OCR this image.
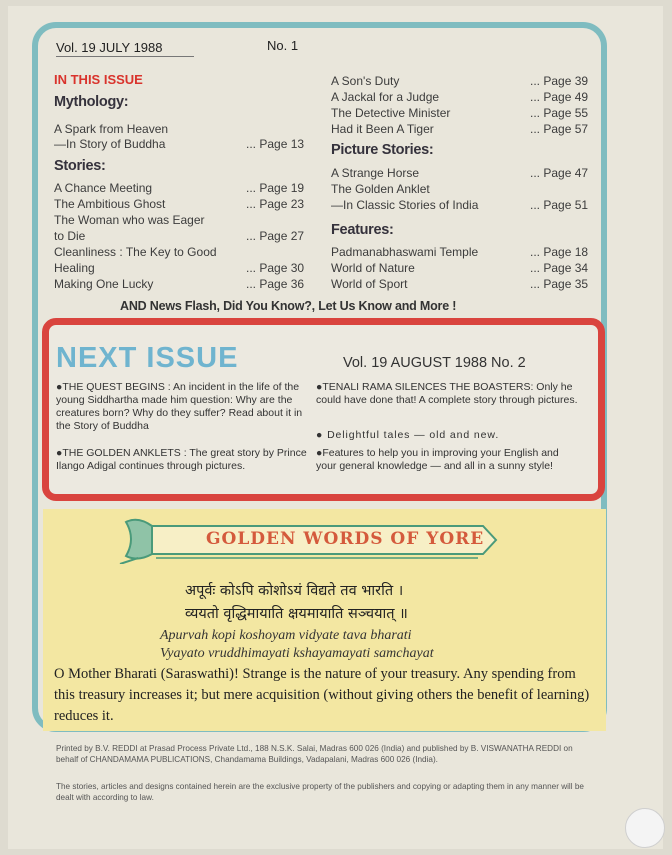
Vol. 19 JULY 1988	No. 1
IN THIS ISSUE
Mythology:
A Spark from Heaven
—In Story of Buddha	... Page 13
Stories:
A Chance Meeting	... Page 19
The Ambitious Ghost	... Page 23
The Woman who was Eager
to Die	... Page 27
Cleanliness : The Key to Good
Healing	... Page 30
Making One Lucky	... Page 36
A Son's Duty	... Page 39
A Jackal for a Judge	... Page 49
The Detective Minister	... Page 55
Had it Been A Tiger	... Page 57
Picture Stories:
A Strange Horse	... Page 47
The Golden Anklet
—In Classic Stories of India	... Page 51
Features:
Padmanabhaswami Temple	... Page 18
World of Nature	... Page 34
World of Sport	... Page 35
AND News Flash, Did You Know?, Let Us Know and More !
NEXT ISSUE	Vol. 19 AUGUST 1988 No. 2
●THE QUEST BEGINS : An incident in the life of the young Siddhartha made him question: Why are the creatures born? Why do they suffer? Read about it in the Story of Buddha
●THE GOLDEN ANKLETS : The great story by Prince Ilango Adigal continues through pictures.
●TENALI RAMA SILENCES THE BOASTERS: Only he could have done that! A complete story through pictures.
● Delightful tales — old and new.
●Features to help you in improving your English and your general knowledge — and all in a sunny style!
GOLDEN WORDS OF YORE
अपूर्वः कोऽपि कोशोऽयं विद्यते तव भारति ।
व्ययतो वृद्धिमायाति क्षयमायाति सञ्चयात् ॥
Apurvah kopi koshoyam vidyate tava bharati
Vyayato vruddhimayati kshayamayati samchayat
O Mother Bharati (Saraswathi)! Strange is the nature of your treasury. Any spending from this treasury increases it; but mere acquisition (without giving others the benefit of learning) reduces it.
Printed by B.V. REDDI at Prasad Process Private Ltd., 188 N.S.K. Salai, Madras 600 026 (India) and published by B. VISWANATHA REDDI on behalf of CHANDAMAMA PUBLICATIONS, Chandamama Buildings, Vadapalani, Madras 600 026 (India).
The stories, articles and designs contained herein are the exclusive property of the publishers and copying or adapting them in any manner will be dealt with according to law.
